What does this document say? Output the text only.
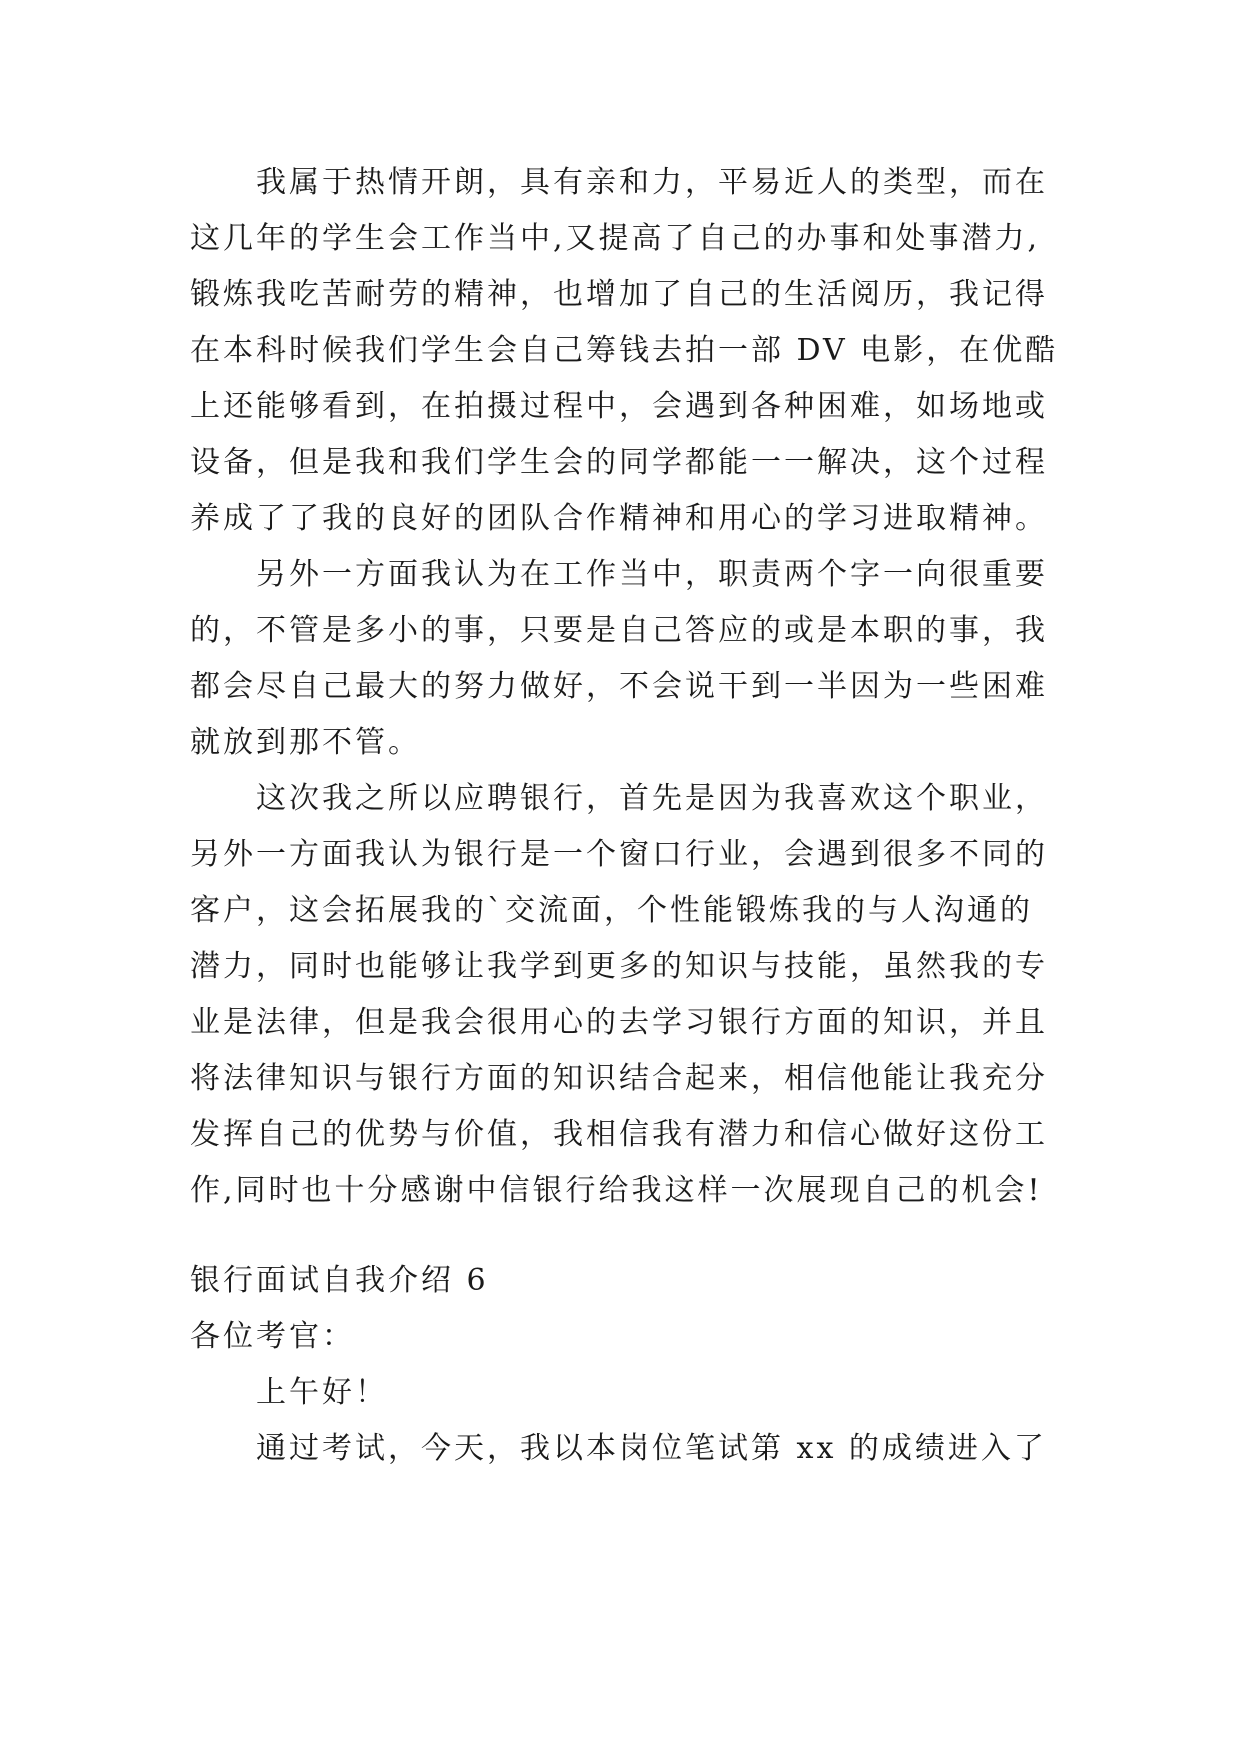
我属于热情开朗，具有亲和力，平易近人的类型，而在
这几年的学生会工作当中,又提高了自己的办事和处事潜力,
锻炼我吃苦耐劳的精神，也增加了自己的生活阅历，我记得
在本科时候我们学生会自己筹钱去拍一部 DV 电影，在优酷
上还能够看到，在拍摄过程中，会遇到各种困难，如场地或
设备，但是我和我们学生会的同学都能一一解决，这个过程
养成了了我的良好的团队合作精神和用心的学习进取精神。
另外一方面我认为在工作当中，职责两个字一向很重要
的，不管是多小的事，只要是自己答应的或是本职的事，我
都会尽自己最大的努力做好，不会说干到一半因为一些困难
就放到那不管。
这次我之所以应聘银行，首先是因为我喜欢这个职业，
另外一方面我认为银行是一个窗口行业，会遇到很多不同的
客户，这会拓展我的`交流面，个性能锻炼我的与人沟通的
潜力，同时也能够让我学到更多的知识与技能，虽然我的专
业是法律，但是我会很用心的去学习银行方面的知识，并且
将法律知识与银行方面的知识结合起来，相信他能让我充分
发挥自己的优势与价值，我相信我有潜力和信心做好这份工
作,同时也十分感谢中信银行给我这样一次展现自己的机会!
银行面试自我介绍 6
各位考官：
上午好！
通过考试，今天，我以本岗位笔试第 xx 的成绩进入了
